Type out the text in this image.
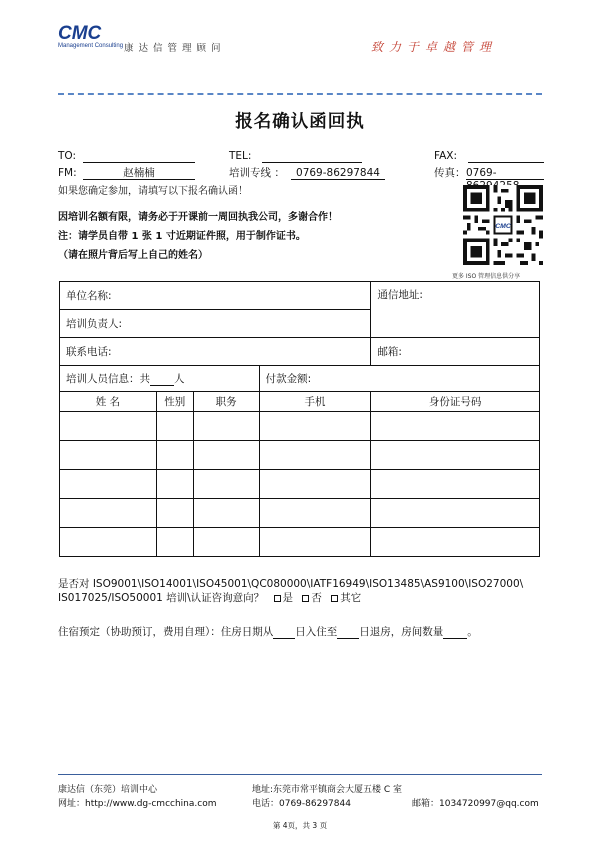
CMC
Management Consulting 康达信管理顾问	致力于卓越管理
报名确认函回执
TO:	TEL:	FAX:
FM:	赵楠楠	培训专线 ：	0769-86297844	传真： 0769-
如果您确定参加，请填写以下报名确认函！
因培训名额有限，请务必于开课前一周回执我公司，多谢合作！
注：请学员自带 1 张 1 寸近期证件照，用于制作证书。
（请在照片背后写上自己的姓名）
CMC
更多 ISO 管理信息供分享
单位名称:				通信地址:
培训负责人:				
联系电话:				邮箱:
培训人员信息：共 人			付款金额:	
姓 名	性别	职务	手机	身份证号码

是否对 ISO9001\ISO14001\ISO45001\QC080000\IATF16949\ISO13485\AS9100\ISO27000\
IS017025/ISO50001 培训\认证咨询意向？ 是 否 其它
住宿预定（协助预订，费用自理）：住房日期从 日入住至 日退房，房间数量 。
康达信（东莞）培训中心	地址:东莞市常平镇商会大厦五楼 C 室
网址：http://www.dg-cmcchina.com	电话：0769-86297844	邮箱：1034720997@qq.com
第 4页，共 3 页
